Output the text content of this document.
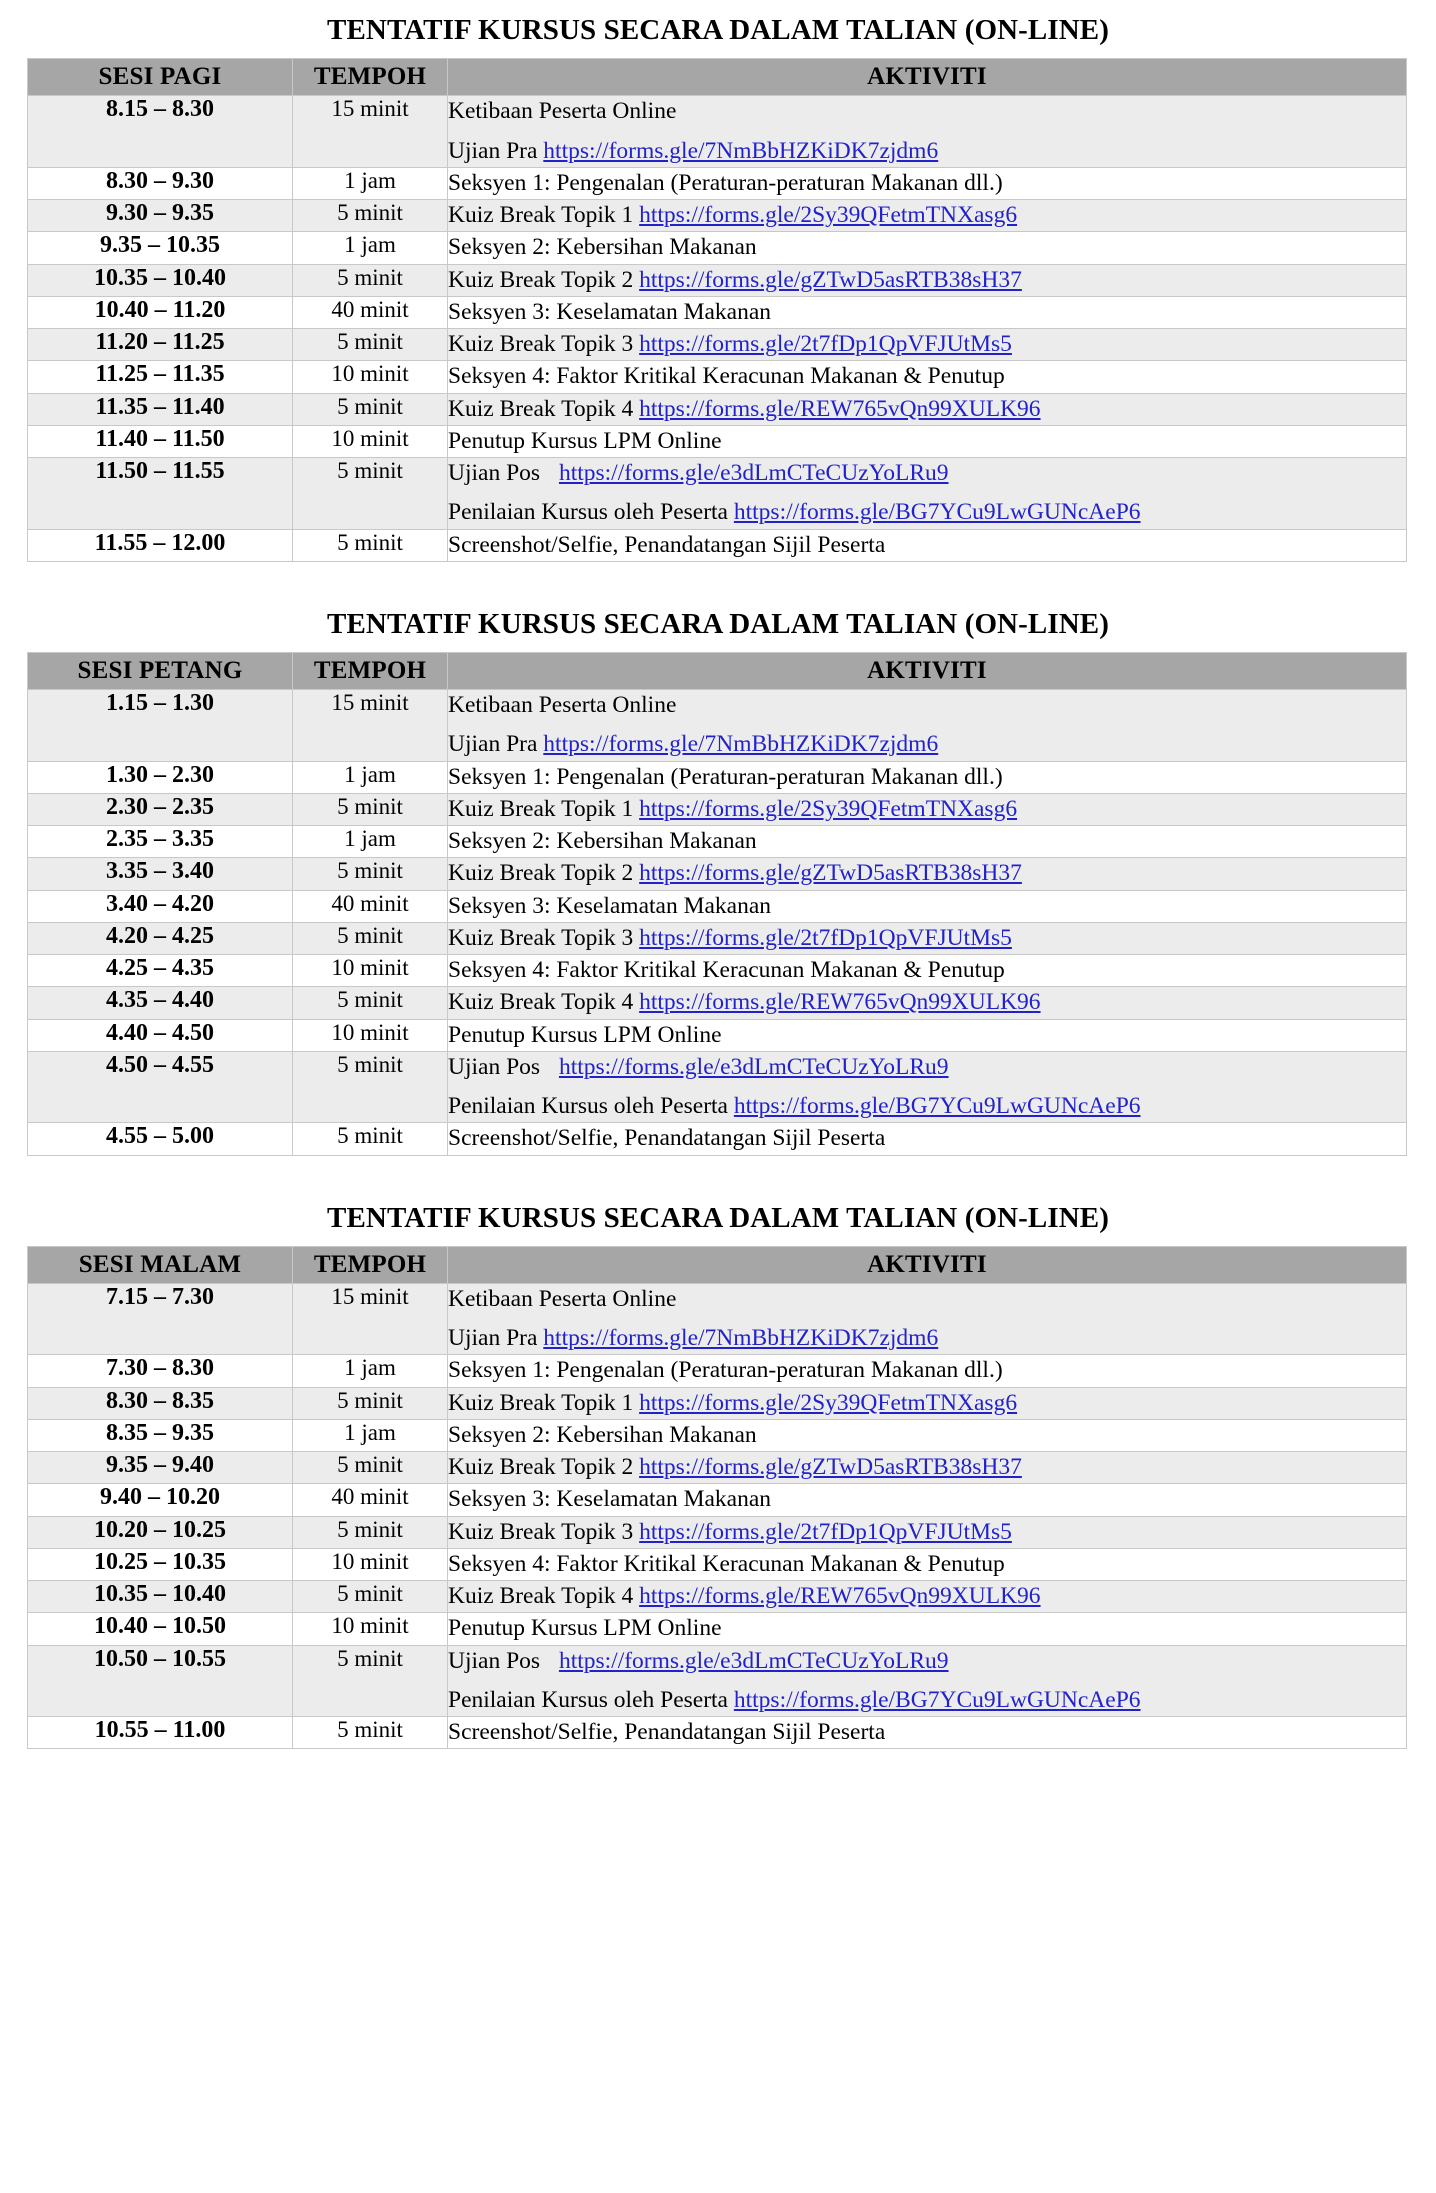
TENTATIF KURSUS SECARA DALAM TALIAN (ON-LINE)
SESI PAGI	TEMPOH	AKTIVITI
8.15 – 8.30	15 minit	Ketibaan Peserta Online
Ujian Pra https://forms.gle/7NmBbHZKiDK7zjdm6

8.30 – 9.30	1 jam	Seksyen 1: Pengenalan (Peraturan-peraturan Makanan dll.)

9.30 – 9.35	5 minit	Kuiz Break Topik 1 https://forms.gle/2Sy39QFetmTNXasg6

9.35 – 10.35	1 jam	Seksyen 2: Kebersihan Makanan

10.35 – 10.40	5 minit	Kuiz Break Topik 2 https://forms.gle/gZTwD5asRTB38sH37

10.40 – 11.20	40 minit	Seksyen 3: Keselamatan Makanan

11.20 – 11.25	5 minit	Kuiz Break Topik 3 https://forms.gle/2t7fDp1QpVFJUtMs5

11.25 – 11.35	10 minit	Seksyen 4: Faktor Kritikal Keracunan Makanan & Penutup

11.35 – 11.40	5 minit	Kuiz Break Topik 4 https://forms.gle/REW765vQn99XULK96

11.40 – 11.50	10 minit	Penutup Kursus LPM Online

11.50 – 11.55	5 minit	Ujian Pos https://forms.gle/e3dLmCTeCUzYoLRu9
Penilaian Kursus oleh Peserta https://forms.gle/BG7YCu9LwGUNcAeP6

11.55 – 12.00	5 minit	Screenshot/Selfie, Penandatangan Sijil Peserta
TENTATIF KURSUS SECARA DALAM TALIAN (ON-LINE)
SESI PETANG	TEMPOH	AKTIVITI
1.15 – 1.30	15 minit	Ketibaan Peserta Online
Ujian Pra https://forms.gle/7NmBbHZKiDK7zjdm6

1.30 – 2.30	1 jam	Seksyen 1: Pengenalan (Peraturan-peraturan Makanan dll.)

2.30 – 2.35	5 minit	Kuiz Break Topik 1 https://forms.gle/2Sy39QFetmTNXasg6

2.35 – 3.35	1 jam	Seksyen 2: Kebersihan Makanan

3.35 – 3.40	5 minit	Kuiz Break Topik 2 https://forms.gle/gZTwD5asRTB38sH37

3.40 – 4.20	40 minit	Seksyen 3: Keselamatan Makanan

4.20 – 4.25	5 minit	Kuiz Break Topik 3 https://forms.gle/2t7fDp1QpVFJUtMs5

4.25 – 4.35	10 minit	Seksyen 4: Faktor Kritikal Keracunan Makanan & Penutup

4.35 – 4.40	5 minit	Kuiz Break Topik 4 https://forms.gle/REW765vQn99XULK96

4.40 – 4.50	10 minit	Penutup Kursus LPM Online

4.50 – 4.55	5 minit	Ujian Pos https://forms.gle/e3dLmCTeCUzYoLRu9
Penilaian Kursus oleh Peserta https://forms.gle/BG7YCu9LwGUNcAeP6

4.55 – 5.00	5 minit	Screenshot/Selfie, Penandatangan Sijil Peserta
TENTATIF KURSUS SECARA DALAM TALIAN (ON-LINE)
SESI MALAM	TEMPOH	AKTIVITI
7.15 – 7.30	15 minit	Ketibaan Peserta Online
Ujian Pra https://forms.gle/7NmBbHZKiDK7zjdm6

7.30 – 8.30	1 jam	Seksyen 1: Pengenalan (Peraturan-peraturan Makanan dll.)

8.30 – 8.35	5 minit	Kuiz Break Topik 1 https://forms.gle/2Sy39QFetmTNXasg6

8.35 – 9.35	1 jam	Seksyen 2: Kebersihan Makanan

9.35 – 9.40	5 minit	Kuiz Break Topik 2 https://forms.gle/gZTwD5asRTB38sH37

9.40 – 10.20	40 minit	Seksyen 3: Keselamatan Makanan

10.20 – 10.25	5 minit	Kuiz Break Topik 3 https://forms.gle/2t7fDp1QpVFJUtMs5

10.25 – 10.35	10 minit	Seksyen 4: Faktor Kritikal Keracunan Makanan & Penutup

10.35 – 10.40	5 minit	Kuiz Break Topik 4 https://forms.gle/REW765vQn99XULK96

10.40 – 10.50	10 minit	Penutup Kursus LPM Online

10.50 – 10.55	5 minit	Ujian Pos https://forms.gle/e3dLmCTeCUzYoLRu9
Penilaian Kursus oleh Peserta https://forms.gle/BG7YCu9LwGUNcAeP6

10.55 – 11.00	5 minit	Screenshot/Selfie, Penandatangan Sijil Peserta
